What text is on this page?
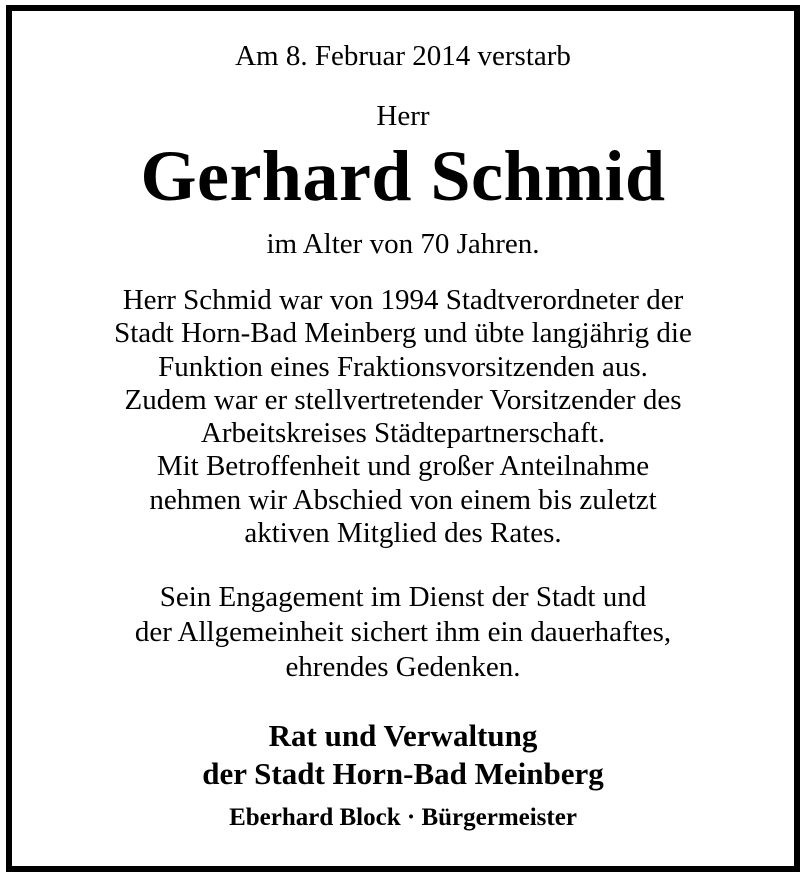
Am 8. Februar 2014 verstarb
Herr
Gerhard Schmid
im Alter von 70 Jahren.
Herr Schmid war von 1994 Stadtverordneter der
Stadt Horn-Bad Meinberg und übte langjährig die
Funktion eines Fraktionsvorsitzenden aus.
Zudem war er stellvertretender Vorsitzender des
Arbeitskreises Städtepartnerschaft.
Mit Betroffenheit und großer Anteilnahme
nehmen wir Abschied von einem bis zuletzt
aktiven Mitglied des Rates.
Sein Engagement im Dienst der Stadt und
der Allgemeinheit sichert ihm ein dauerhaftes,
ehrendes Gedenken.
Rat und Verwaltung
der Stadt Horn-Bad Meinberg
Eberhard Block · Bürgermeister
